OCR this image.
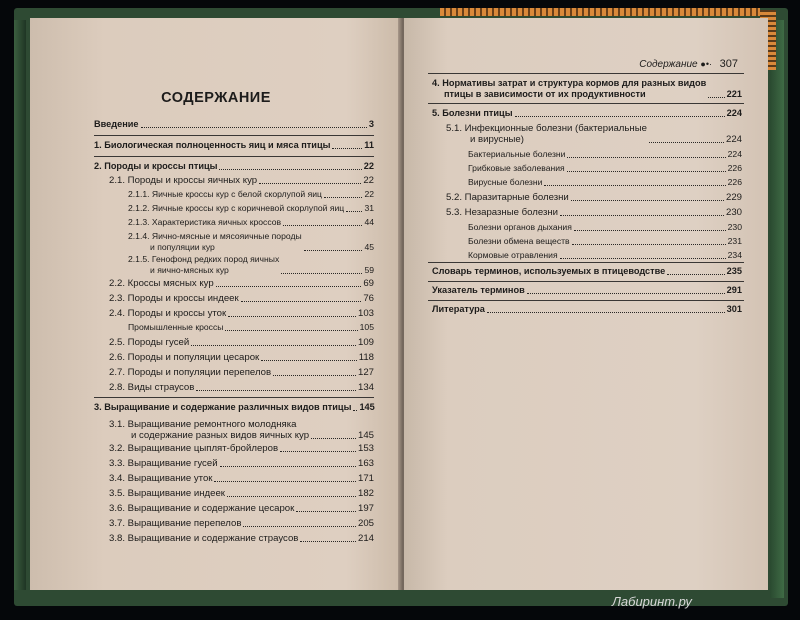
СОДЕРЖАНИЕ
Введение	3
1. Биологическая полноценность яиц и мяса птицы	11
2. Породы и кроссы птицы	22
2.1. Породы и кроссы яичных кур	22
2.1.1. Яичные кроссы кур с белой скорлупой яиц	22
2.1.2. Яичные кроссы кур с коричневой скорлупой яиц 31
2.1.3. Характеристика яичных кроссов	44
2.1.4. Яично-мясные и мясояичные породы
и популяции кур	45
2.1.5. Генофонд редких пород яичных
и яично-мясных кур	59
2.2. Кроссы мясных кур	69
2.3. Породы и кроссы индеек	76
2.4. Породы и кроссы уток	103
Промышленные кроссы	105
2.5. Породы гусей	109
2.6. Породы и популяции цесарок	118
2.7. Породы и популяции перепелов	127
2.8. Виды страусов	134
3. Выращивание и содержание различных видов птицы 145
3.1. Выращивание ремонтного молодняка
и содержание разных видов яичных кур	145
3.2. Выращивание цыплят-бройлеров	153
3.3. Выращивание гусей	163
3.4. Выращивание уток	171
3.5. Выращивание индеек	182
3.6. Выращивание и содержание цесарок	197
3.7. Выращивание перепелов	205
3.8. Выращивание и содержание страусов	214
Содержание ●•· 307
4. Нормативы затрат и структура кормов для разных видов
птицы в зависимости от их продуктивности	221
5. Болезни птицы	224
5.1. Инфекционные болезни (бактериальные
и вирусные)	224
Бактериальные болезни	224
Грибковые заболевания	226
Вирусные болезни	226
5.2. Паразитарные болезни	229
5.3. Незаразные болезни	230
Болезни органов дыхания	230
Болезни обмена веществ	231
Кормовые отравления	234
Словарь терминов, используемых в птицеводстве	235
Указатель терминов	291
Литература	301
Лабиринт.ру
